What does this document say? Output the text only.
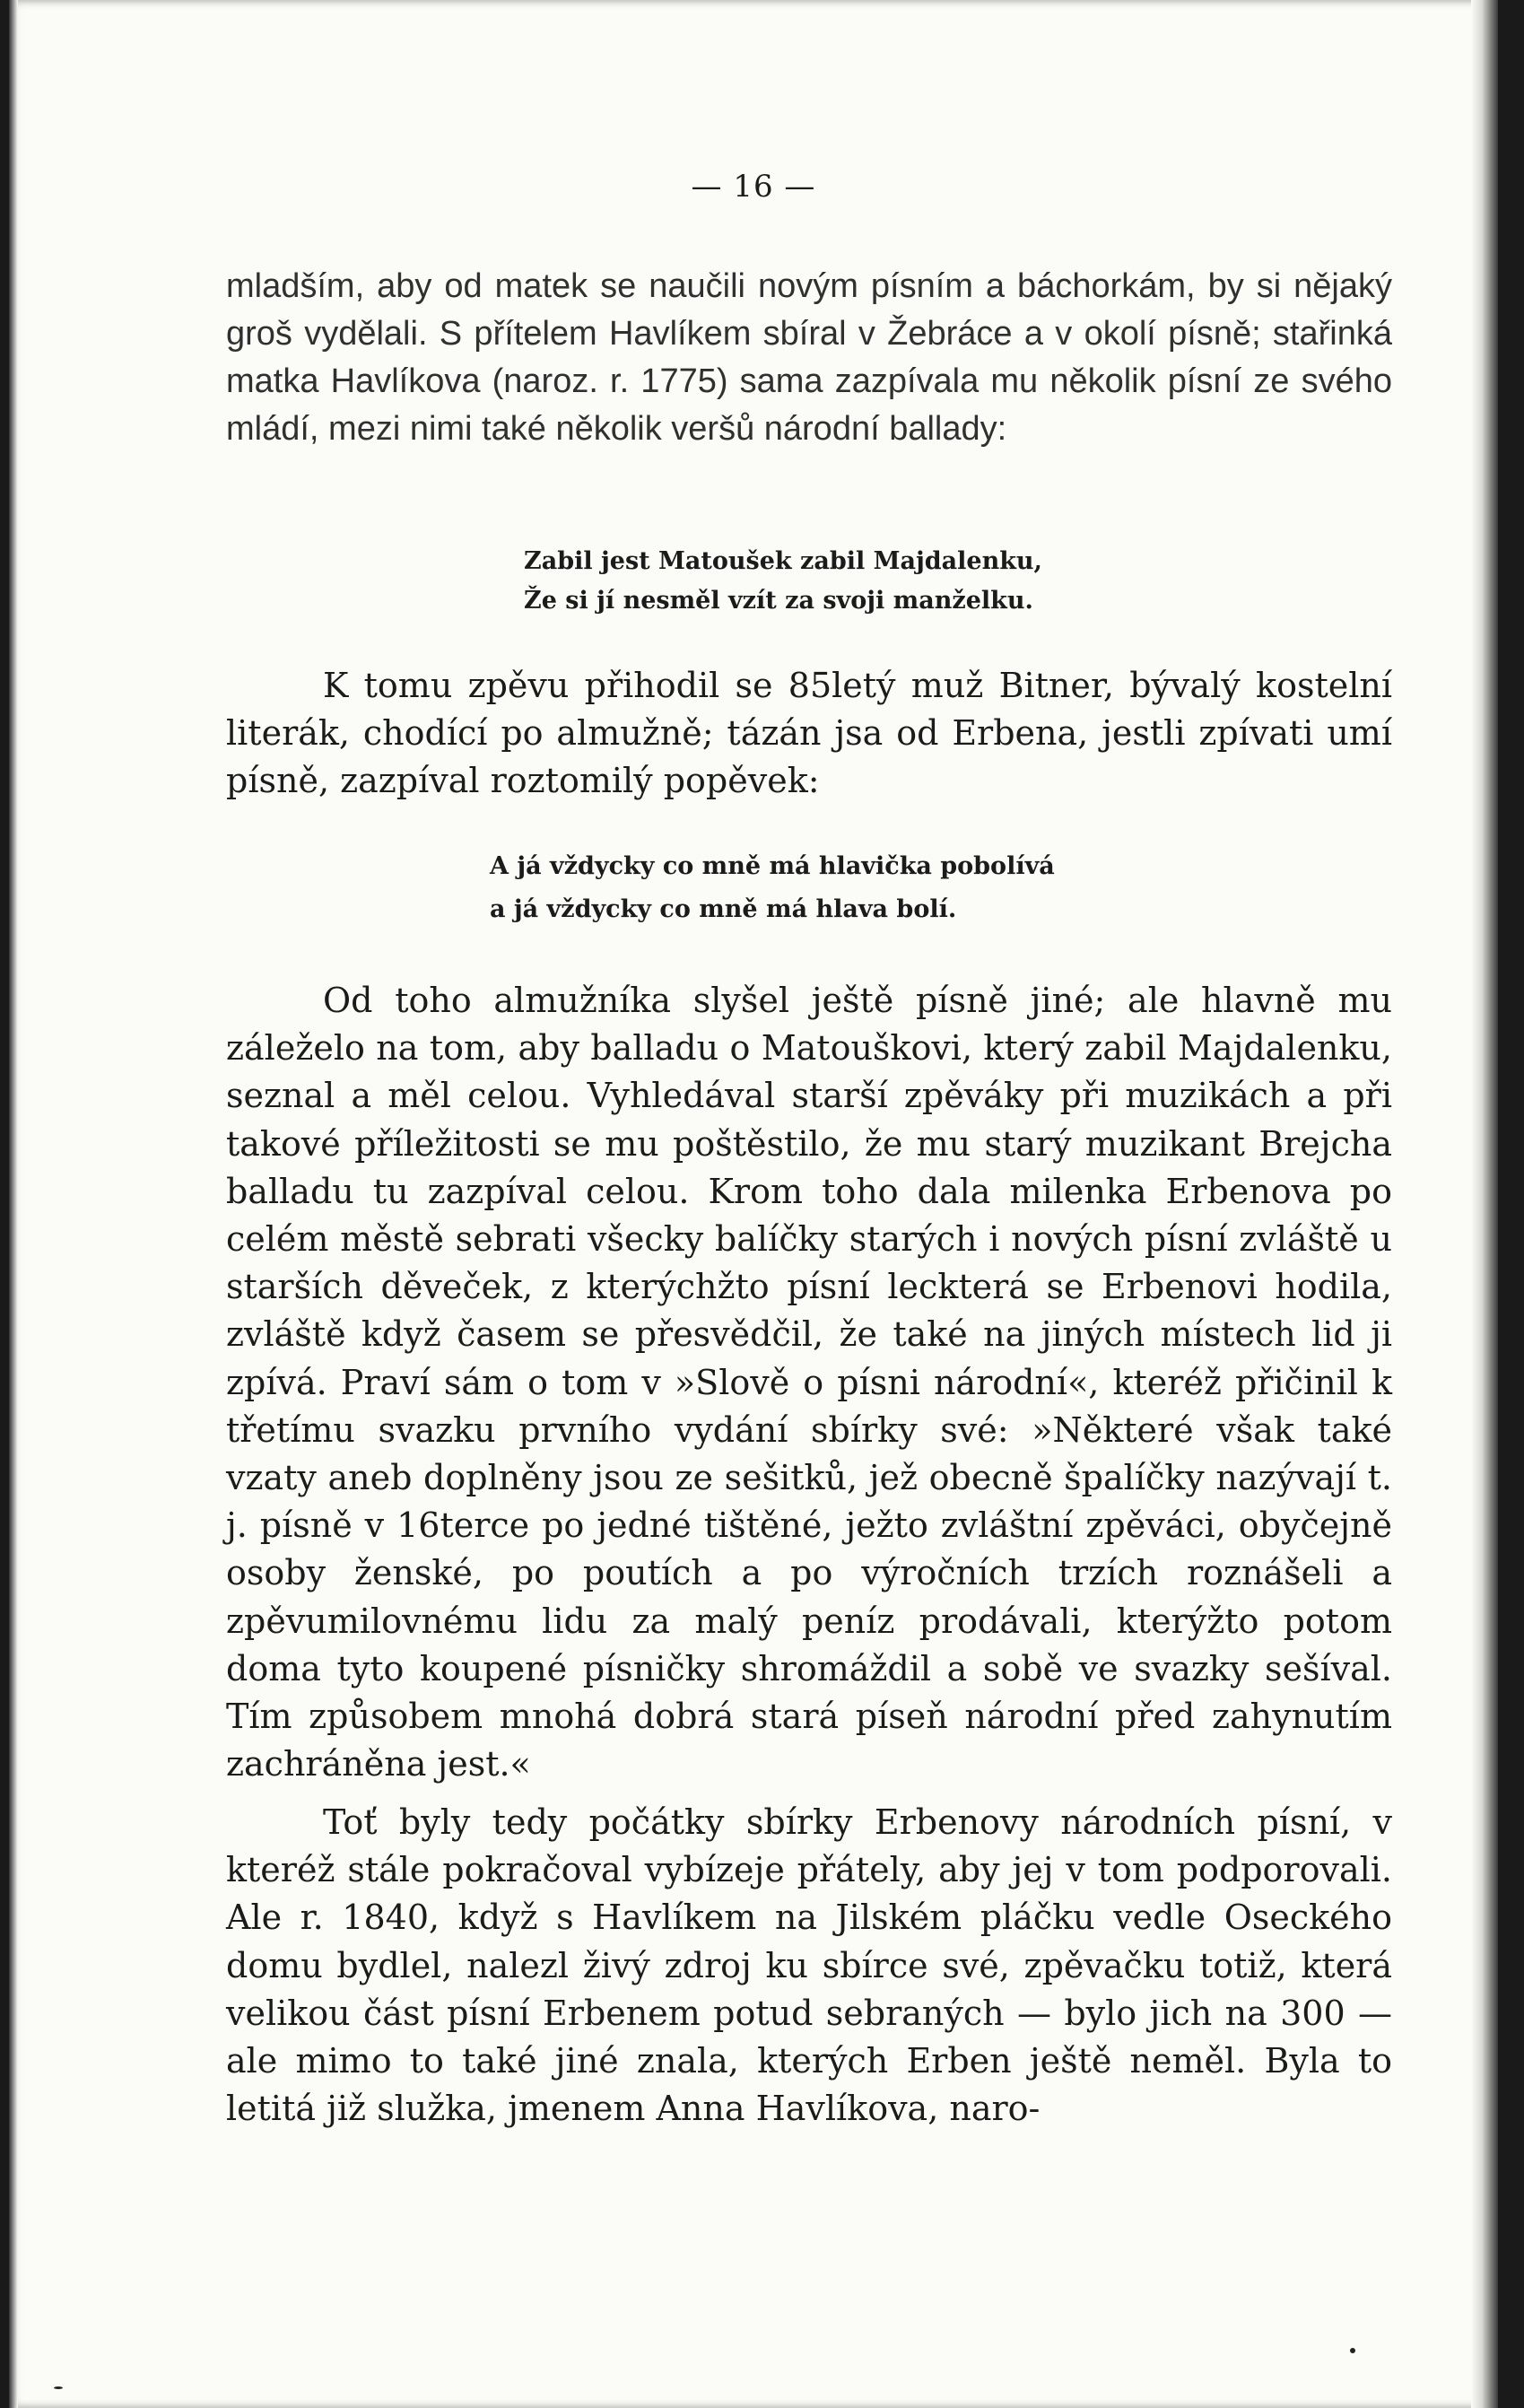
— 16 —

mladším, aby od matek se naučili novým písním a báchorkám, by si nějaký groš vydělali. S přítelem Havlíkem sbíral v Žebráce a v okolí písně; stařinká matka Havlíkova (naroz. r. 1775) sama zazpívala mu několik písní ze svého mládí, mezi nimi také několik veršů národní ballady:

Zabil jest Matoušek zabil Majdalenku,
Že si jí nesměl vzít za svoji manželku.

K tomu zpěvu přihodil se 85letý muž Bitner, bývalý kostelní literák, chodící po almužně; tázán jsa od Erbena, jestli zpívati umí písně, zazpíval roztomilý popěvek:

A já vždycky co mně má hlavička pobolívá
a já vždycky co mně má hlava bolí.

Od toho almužníka slyšel ještě písně jiné; ale hlavně mu záleželo na tom, aby balladu o Matouškovi, který zabil Majdalenku, seznal a měl celou. Vyhledával starší zpěváky při muzikách a při takové příležitosti se mu poštěstilo, že mu starý muzikant Brejcha balladu tu zazpíval celou. Krom toho dala milenka Erbenova po celém městě sebrati všecky balíčky starých i nových písní zvláště u starších děveček, z kterýchžto písní leckterá se Erbenovi hodila, zvláště když časem se přesvědčil, že také na jiných místech lid ji zpívá. Praví sám o tom v »Slově o písni národní«, kteréž přičinil k třetímu svazku prvního vydání sbírky své: »Některé však také vzaty aneb doplněny jsou ze sešitků, jež obecně špalíčky nazývají t. j. písně v 16terce po jedné tištěné, ježto zvláštní zpěváci, obyčejně osoby ženské, po poutích a po výročních trzích roznášeli a zpěvumilovnému lidu za malý peníz prodávali, kterýžto potom doma tyto koupené písničky shromáždil a sobě ve svazky sešíval. Tím způsobem mnohá dobrá stará píseň národní před zahynutím zachráněna jest.«

Toť byly tedy počátky sbírky Erbenovy národních písní, v kteréž stále pokračoval vybízeje přátely, aby jej v tom podporovali. Ale r. 1840, když s Havlíkem na Jilském pláčku vedle Oseckého domu bydlel, nalezl živý zdroj ku sbírce své, zpěvačku totiž, která velikou část písní Erbenem potud sebraných — bylo jich na 300 — ale mimo to také jiné znala, kterých Erben ještě neměl. Byla to letitá již služka, jmenem Anna Havlíkova, naro-
